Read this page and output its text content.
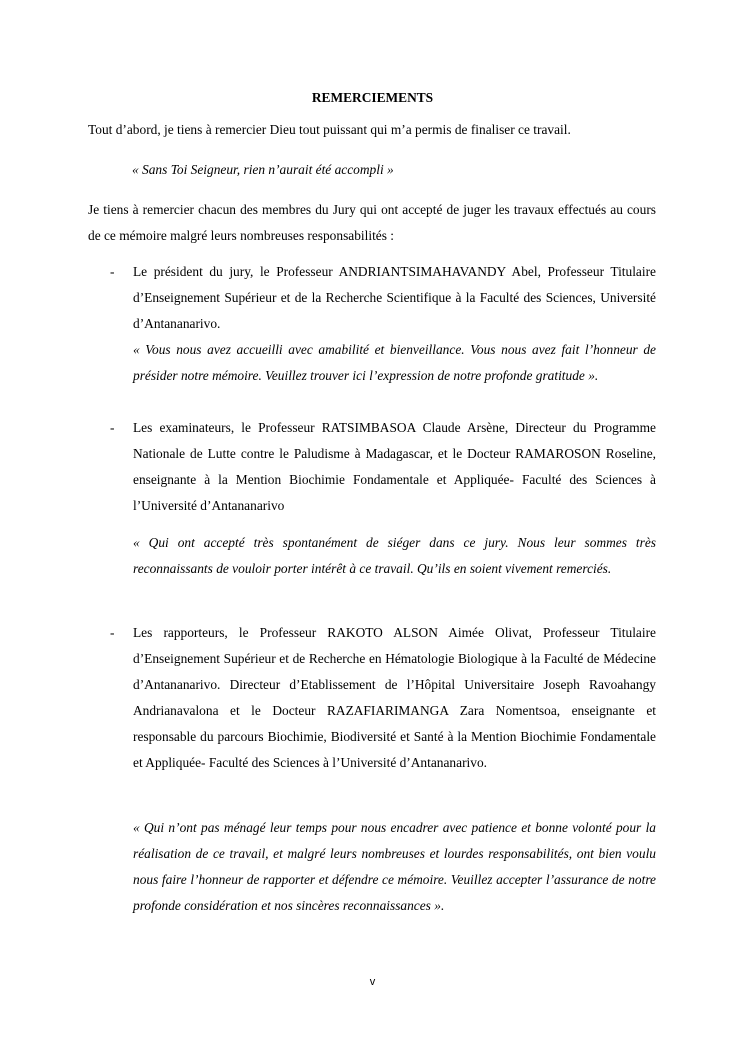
REMERCIEMENTS

Tout d’abord, je tiens à remercier Dieu tout puissant qui m’a permis de finaliser ce travail.

« Sans Toi Seigneur, rien n’aurait été accompli »

Je tiens à remercier chacun des membres du Jury qui ont accepté de juger les travaux effectués au cours de ce mémoire malgré leurs nombreuses responsabilités :

- Le président du jury, le Professeur ANDRIANTSIMAHAVANDY Abel, Professeur Titulaire d’Enseignement Supérieur et de la Recherche Scientifique à la Faculté des Sciences, Université d’Antananarivo.

« Vous nous avez accueilli avec amabilité et bienveillance. Vous nous avez fait l’honneur de présider notre mémoire. Veuillez trouver ici l’expression de notre profonde gratitude ».

- Les examinateurs, le Professeur RATSIMBASOA Claude Arsène, Directeur du Programme Nationale de Lutte contre le Paludisme à Madagascar, et le Docteur RAMAROSON Roseline, enseignante à la Mention Biochimie Fondamentale et Appliquée- Faculté des Sciences à l’Université d’Antananarivo

« Qui ont accepté très spontanément de siéger dans ce jury. Nous leur sommes très reconnaissants de vouloir porter intérêt à ce travail. Qu’ils en soient vivement remerciés.

- Les rapporteurs, le Professeur RAKOTO ALSON Aimée Olivat, Professeur Titulaire d’Enseignement Supérieur et de Recherche en Hématologie Biologique à la Faculté de Médecine d’Antananarivo. Directeur d’Etablissement de l’Hôpital Universitaire Joseph Ravoahangy Andrianavalona et le Docteur RAZAFIARIMANGA Zara Nomentsoa, enseignante et responsable du parcours Biochimie, Biodiversité et Santé à la Mention Biochimie Fondamentale et Appliquée- Faculté des Sciences à l’Université d’Antananarivo.

« Qui n’ont pas ménagé leur temps pour nous encadrer avec patience et bonne volonté pour la réalisation de ce travail, et malgré leurs nombreuses et lourdes responsabilités, ont bien voulu nous faire l’honneur de rapporter et défendre ce mémoire. Veuillez accepter l’assurance de notre profonde considération et nos sincères reconnaissances ».

v
